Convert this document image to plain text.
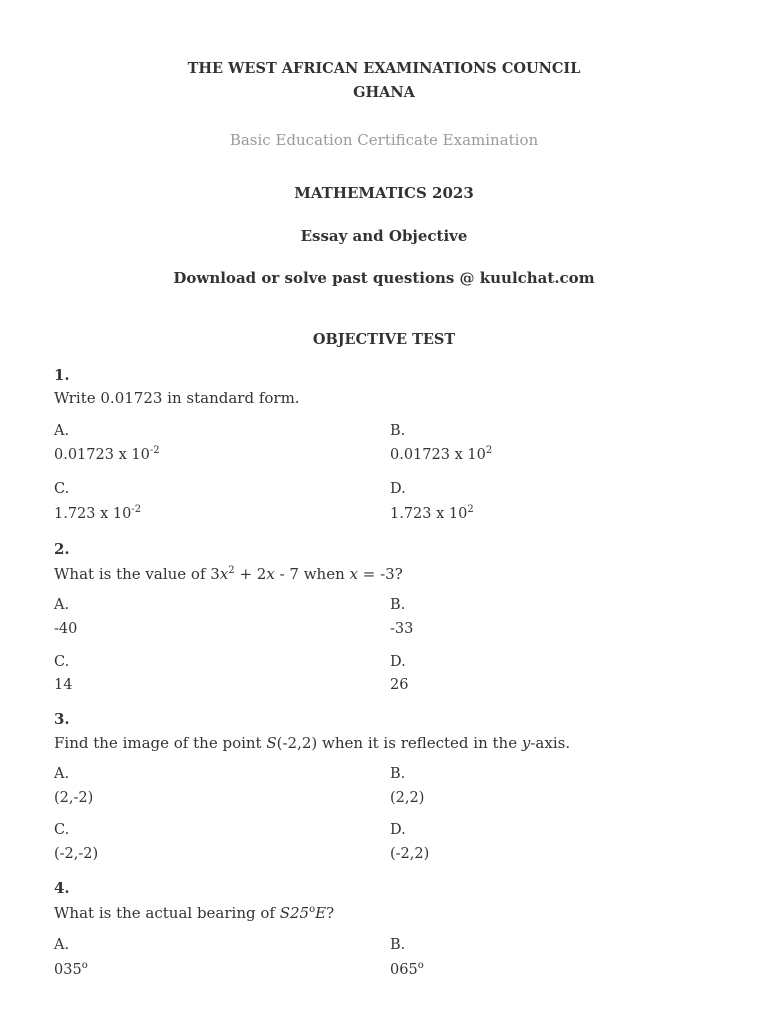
THE WEST AFRICAN EXAMINATIONS COUNCIL
GHANA
Basic Education Certificate Examination
MATHEMATICS 2023
Essay and Objective
Download or solve past questions @ kuulchat.com
OBJECTIVE TEST
1.
Write 0.01723 in standard form.
A.
0.01723 x $10^{-2}$
B.
0.01723 x $10^2$
C.
1.723 x $10^{-2}$
D.
1.723 x $10^2$
2.
What is the value of $3x^2 + 2x - 7$ when x = -3?
A.
-40
B.
-33
C.
14
D.
26
3.
Find the image of the point S(-2,2) when it is reflected in the y-axis.
A.
(2,-2)
B.
(2,2)
C.
(-2,-2)
D.
(-2,2)
4.
What is the actual bearing of S25$^o$E?
A.
035$^o$
B.
065$^o$
